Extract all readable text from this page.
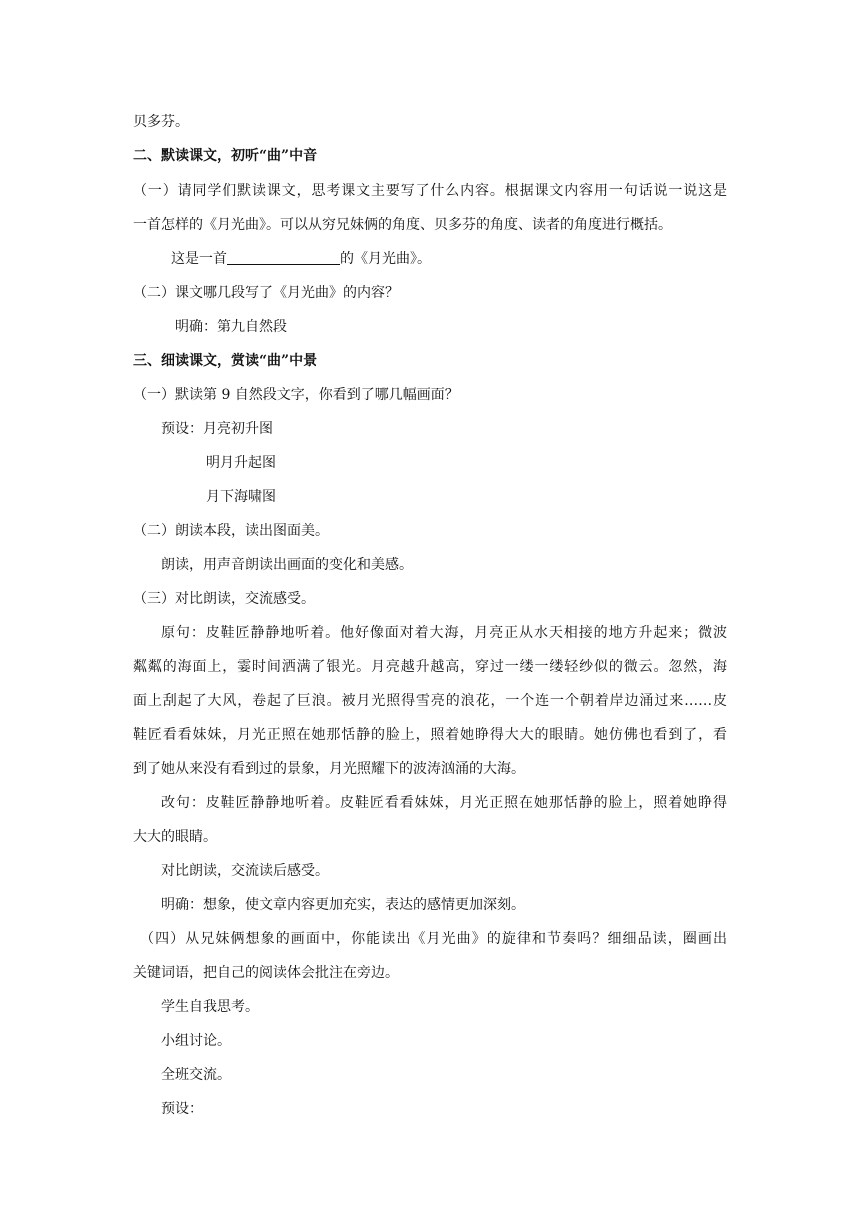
贝多芬。
二、默读课文，初听“曲”中音
（一）请同学们默读课文，思考课文主要写了什么内容。根据课文内容用一句话说一说这是
一首怎样的《月光曲》。可以从穷兄妹俩的角度、贝多芬的角度、读者的角度进行概括。
这是一首	的《月光曲》。
（二）课文哪几段写了《月光曲》的内容？
明确：第九自然段
三、细读课文，赏读“曲”中景
（一）默读第 9 自然段文字，你看到了哪几幅画面？
预设：月亮初升图
明月升起图
月下海啸图
（二）朗读本段，读出图面美。
朗读，用声音朗读出画面的变化和美感。
（三）对比朗读，交流感受。
原句：皮鞋匠静静地听着。他好像面对着大海，月亮正从水天相接的地方升起来；微波
粼粼的海面上，霎时间洒满了银光。月亮越升越高，穿过一缕一缕轻纱似的微云。忽然，海
面上刮起了大风，卷起了巨浪。被月光照得雪亮的浪花，一个连一个朝着岸边涌过来……皮
鞋匠看看妹妹，月光正照在她那恬静的脸上，照着她睁得大大的眼睛。她仿佛也看到了，看
到了她从来没有看到过的景象，月光照耀下的波涛汹涌的大海。
改句：皮鞋匠静静地听着。皮鞋匠看看妹妹，月光正照在她那恬静的脸上，照着她睁得
大大的眼睛。
对比朗读，交流读后感受。
明确：想象，使文章内容更加充实，表达的感情更加深刻。
（四）从兄妹俩想象的画面中，你能读出《月光曲》的旋律和节奏吗？细细品读，圈画出
关键词语，把自己的阅读体会批注在旁边。
学生自我思考。
小组讨论。
全班交流。
预设：
